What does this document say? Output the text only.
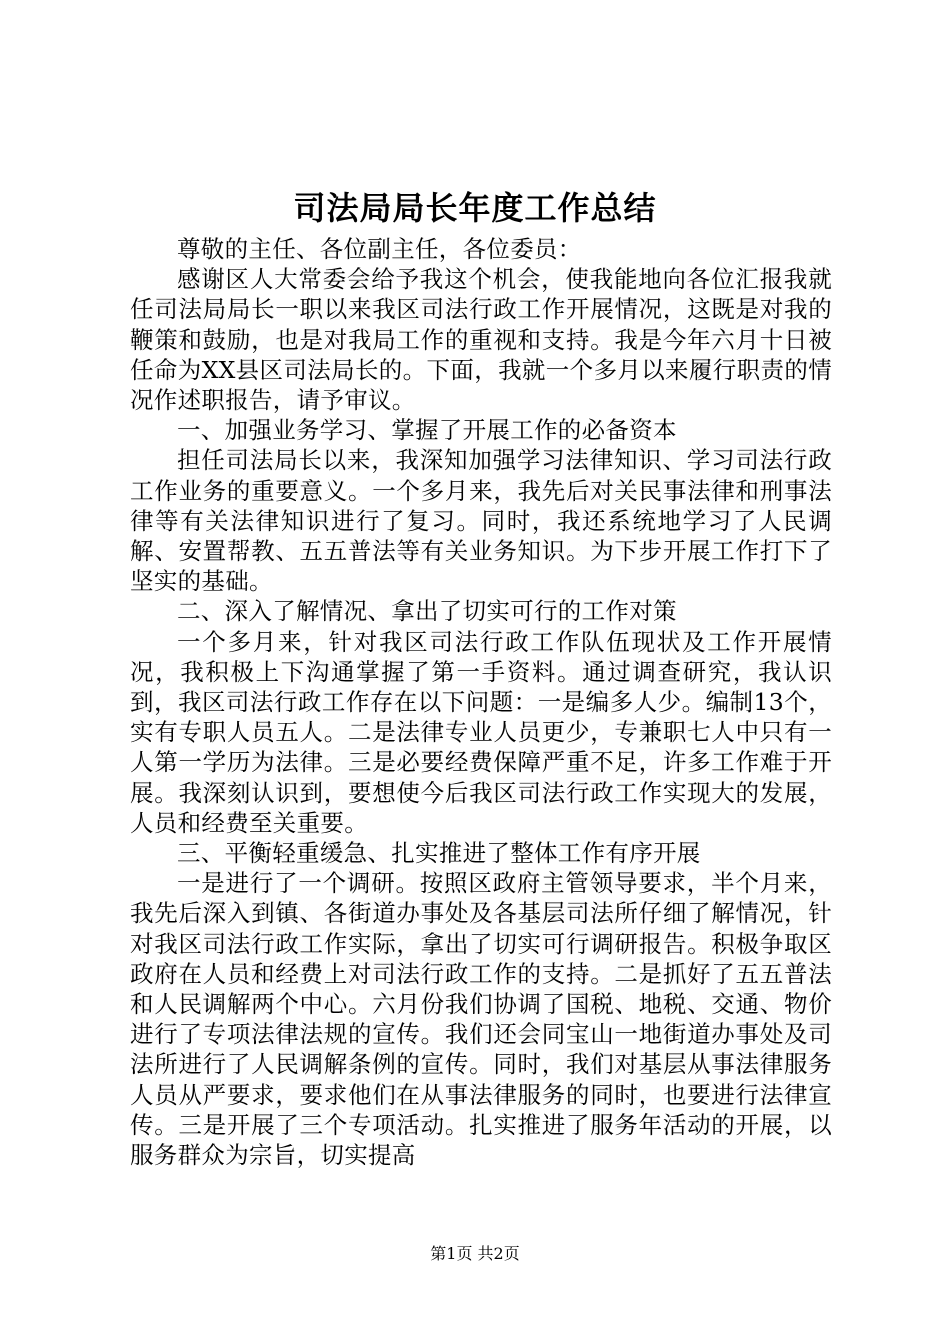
司法局局长年度工作总结

尊敬的主任、各位副主任，各位委员：

感谢区人大常委会给予我这个机会，使我能地向各位汇报我就任司法局局长一职以来我区司法行政工作开展情况，这既是对我的鞭策和鼓励，也是对我局工作的重视和支持。我是今年六月十日被任命为XX县区司法局长的。下面，我就一个多月以来履行职责的情况作述职报告，请予审议。

一、加强业务学习、掌握了开展工作的必备资本

担任司法局长以来，我深知加强学习法律知识、学习司法行政工作业务的重要意义。一个多月来，我先后对关民事法律和刑事法律等有关法律知识进行了复习。同时，我还系统地学习了人民调解、安置帮教、五五普法等有关业务知识。为下步开展工作打下了坚实的基础。

二、深入了解情况、拿出了切实可行的工作对策

一个多月来，针对我区司法行政工作队伍现状及工作开展情况，我积极上下沟通掌握了第一手资料。通过调查研究，我认识到，我区司法行政工作存在以下问题：一是编多人少。编制13个，实有专职人员五人。二是法律专业人员更少，专兼职七人中只有一人第一学历为法律。三是必要经费保障严重不足，许多工作难于开展。我深刻认识到，要想使今后我区司法行政工作实现大的发展，人员和经费至关重要。

三、平衡轻重缓急、扎实推进了整体工作有序开展

一是进行了一个调研。按照区政府主管领导要求，半个月来，我先后深入到镇、各街道办事处及各基层司法所仔细了解情况，针对我区司法行政工作实际，拿出了切实可行调研报告。积极争取区政府在人员和经费上对司法行政工作的支持。二是抓好了五五普法和人民调解两个中心。六月份我们协调了国税、地税、交通、物价进行了专项法律法规的宣传。我们还会同宝山一地街道办事处及司法所进行了人民调解条例的宣传。同时，我们对基层从事法律服务人员从严要求，要求他们在从事法律服务的同时，也要进行法律宣传。三是开展了三个专项活动。扎实推进了服务年活动的开展，以服务群众为宗旨，切实提高

第1页 共2页
